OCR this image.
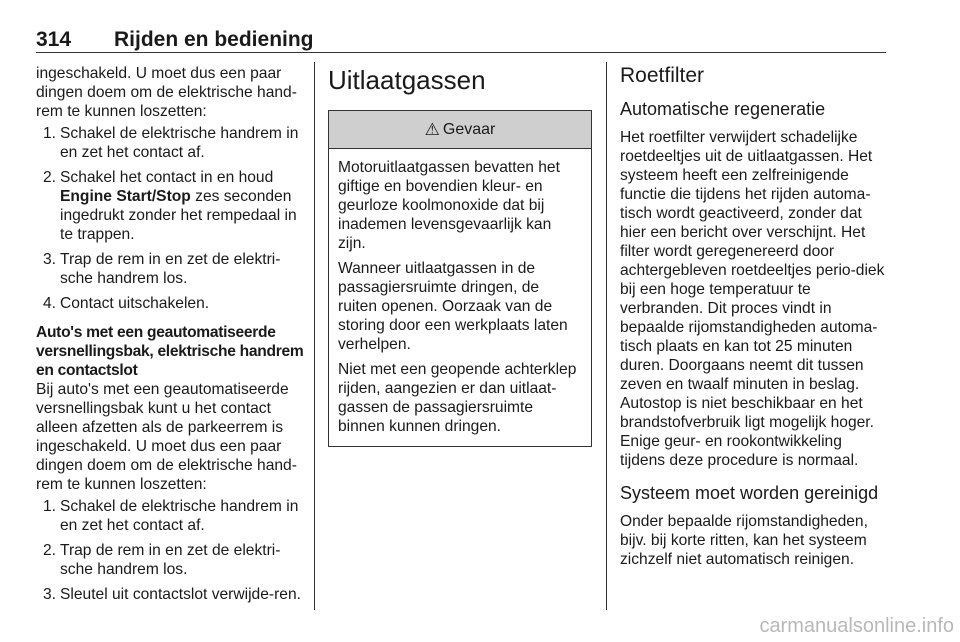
314	Rijden en bediening

ingeschakeld. U moet dus een paar dingen doem om de elektrische hand-rem te kunnen loszetten:

1. Schakel de elektrische handrem in en zet het contact af.
2. Schakel het contact in en houd Engine Start/Stop zes seconden ingedrukt zonder het rempedaal in te trappen.
3. Trap de rem in en zet de elektri-sche handrem los.
4. Contact uitschakelen.

Auto's met een geautomatiseerde versnellingsbak, elektrische handrem en contactslot

Bij auto's met een geautomatiseerde versnellingsbak kunt u het contact alleen afzetten als de parkeerrem is ingeschakeld. U moet dus een paar dingen doem om de elektrische hand-rem te kunnen loszetten:

1. Schakel de elektrische handrem in en zet het contact af.
2. Trap de rem in en zet de elektri-sche handrem los.
3. Sleutel uit contactslot verwijde-ren.
Uitlaatgassen
⚠ Gevaar

Motoruitlaatgassen bevatten het giftige en bovendien kleur- en geurloze koolmonoxide dat bij inademen levensgevaarlijk kan zijn.

Wanneer uitlaatgassen in de passagiersruimte dringen, de ruiten openen. Oorzaak van de storing door een werkplaats laten verhelpen.

Niet met een geopende achterklep rijden, aangezien er dan uitlaat-gassen de passagiersruimte binnen kunnen dringen.

Roetfilter
Automatische regeneratie

Het roetfilter verwijdert schadelijke roetdeeltjes uit de uitlaatgassen. Het systeem heeft een zelfreinigende functie die tijdens het rijden automa-tisch wordt geactiveerd, zonder dat hier een bericht over verschijnt. Het filter wordt geregenereerd door achtergebleven roetdeeltjes perio-diek bij een hoge temperatuur te verbranden. Dit proces vindt in bepaalde rijomstandigheden automa-tisch plaats en kan tot 25 minuten duren. Doorgaans neemt dit tussen zeven en twaalf minuten in beslag. Autostop is niet beschikbaar en het brandstofverbruik ligt mogelijk hoger. Enige geur- en rookontwikkeling tijdens deze procedure is normaal.

Systeem moet worden gereinigd

Onder bepaalde rijomstandigheden, bijv. bij korte ritten, kan het systeem zichzelf niet automatisch reinigen.

carmanualsonline.info
